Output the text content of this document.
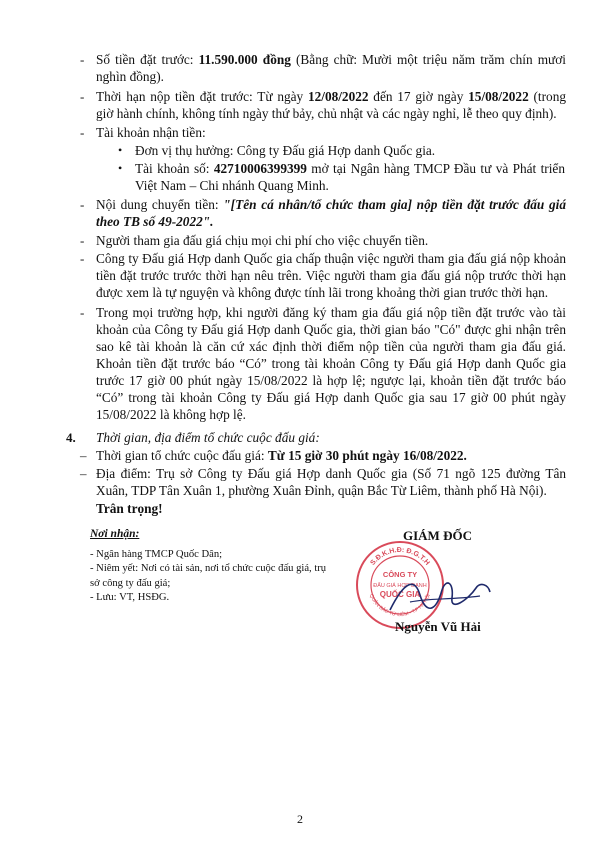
- Số tiền đặt trước: 11.590.000 đồng (Bằng chữ: Mười một triệu năm trăm chín mươi nghìn đồng).
- Thời hạn nộp tiền đặt trước: Từ ngày 12/08/2022 đến 17 giờ ngày 15/08/2022 (trong giờ hành chính, không tính ngày thứ bảy, chủ nhật và các ngày nghỉ, lễ theo quy định).
- Tài khoản nhận tiền:
• Đơn vị thụ hưởng: Công ty Đấu giá Hợp danh Quốc gia.
• Tài khoản số: 42710006399399 mở tại Ngân hàng TMCP Đầu tư và Phát triển Việt Nam – Chi nhánh Quang Minh.
- Nội dung chuyển tiền: "[Tên cá nhân/tổ chức tham gia] nộp tiền đặt trước đấu giá theo TB số 49-2022".
- Người tham gia đấu giá chịu mọi chi phí cho việc chuyển tiền.
- Công ty Đấu giá Hợp danh Quốc gia chấp thuận việc người tham gia đấu giá nộp khoản tiền đặt trước trước thời hạn nêu trên. Việc người tham gia đấu giá nộp trước thời hạn được xem là tự nguyện và không được tính lãi trong khoảng thời gian trước thời hạn.
- Trong mọi trường hợp, khi người đăng ký tham gia đấu giá nộp tiền đặt trước vào tài khoản của Công ty Đấu giá Hợp danh Quốc gia, thời gian báo "Có" được ghi nhận trên sao kê tài khoản là căn cứ xác định thời điểm nộp tiền của người tham gia đấu giá. Khoản tiền đặt trước báo “Có” trong tài khoản Công ty Đấu giá Hợp danh Quốc gia trước 17 giờ 00 phút ngày 15/08/2022 là hợp lệ; ngược lại, khoản tiền đặt trước báo “Có” trong tài khoản Công ty Đấu giá Hợp danh Quốc gia sau 17 giờ 00 phút ngày 15/08/2022 là không hợp lệ.
4. Thời gian, địa điểm tổ chức cuộc đấu giá:
– Thời gian tổ chức cuộc đấu giá: Từ 15 giờ 30 phút ngày 16/08/2022.
– Địa điểm: Trụ sở Công ty Đấu giá Hợp danh Quốc gia (Số 71 ngõ 125 đường Tân Xuân, TDP Tân Xuân 1, phường Xuân Đỉnh, quận Bắc Từ Liêm, thành phố Hà Nội).
Trân trọng!
Nơi nhận:
- Ngân hàng TMCP Quốc Dân;
- Niêm yết: Nơi có tài sản, nơi tổ chức cuộc đấu giá, trụ sở công ty đấu giá;
- Lưu: VT, HSĐG.
S.Đ.K.H.Đ: Đ.G.T.H
QUẬN BẮC TỪ LIÊM - T.P HÀ NỘI
CÔNG TY
ĐẤU GIÁ HỢP DANH
QUỐC GIA
GIÁM ĐỐC
Nguyễn Vũ Hải
2
